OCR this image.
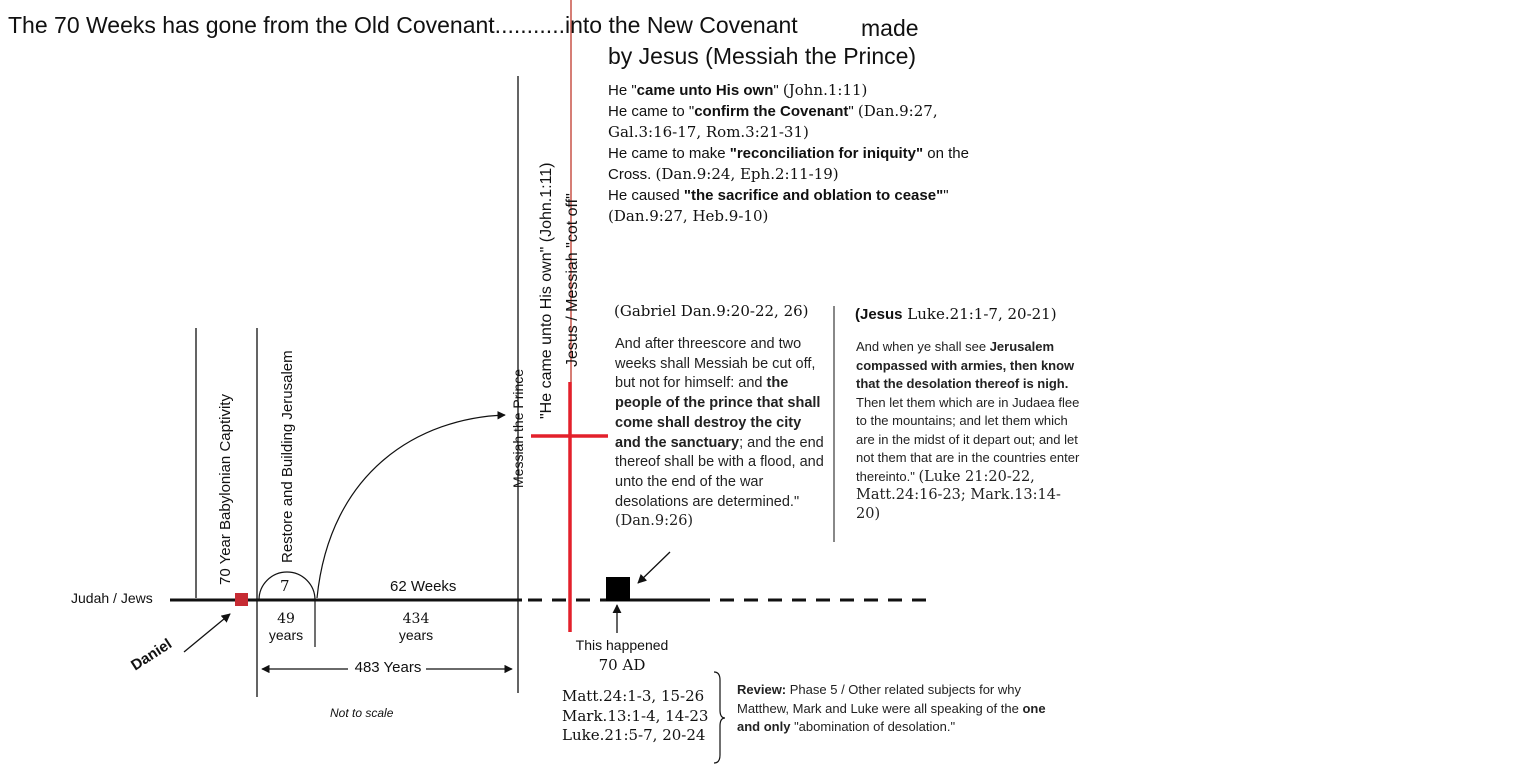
The 70 Weeks has gone from the Old Covenant...........into the New Covenant	made
by Jesus (Messiah the Prince)
He "came unto His own" (John.1:11)
He came to "confirm the Covenant" (Dan.9:27,
Gal.3:16-17, Rom.3:21-31)
He came to make "reconciliation for iniquity" on the
Cross. (Dan.9:24, Eph.2:11-19)
He caused "the sacrifice and oblation to cease""
(Dan.9:27, Heb.9-10)
(Gabriel Dan.9:20-22, 26)
And after threescore and two weeks shall Messiah be cut off, but not for himself: and the people of the prince that shall come shall destroy the city and the sanctuary; and the end thereof shall be with a flood, and unto the end of the war desolations are determined." (Dan.9:26)
(Jesus Luke.21:1-7, 20-21)
And when ye shall see Jerusalem compassed with armies, then know that the desolation thereof is nigh. Then let them which are in Judaea flee to the mountains; and let them which are in the midst of it depart out; and let not them that are in the countries enter thereinto." (Luke 21:20-22, Matt.24:16-23; Mark.13:14-20)
70 Year Babylonian Captivity	Restore and Building Jerusalem	Messiah the Prince
"He came unto His own" (John.1:11) Jesus / Messiah "cot off"
Judah / Jews
Daniel
7	62 Weeks
49
years
434
years
483 Years
Not to scale
This happened
70 AD
Matt.24:1-3, 15-26
Mark.13:1-4, 14-23
Luke.21:5-7, 20-24
Review: Phase 5 / Other related subjects for why Matthew, Mark and Luke were all speaking of the one and only "abomination of desolation."
